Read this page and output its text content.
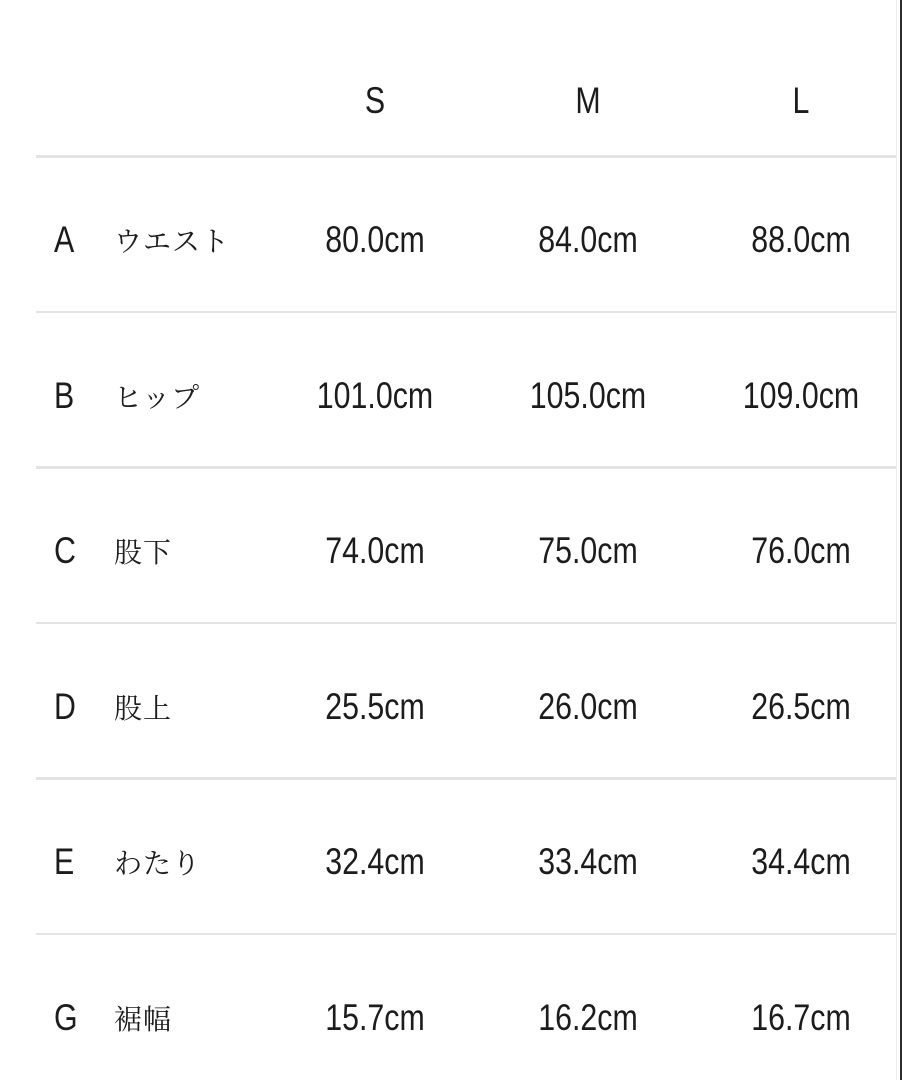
S	M	L
A ウエスト	80.0cm	84.0cm	88.0cm
B ヒップ	101.0cm	105.0cm	109.0cm
C 股下	74.0cm	75.0cm	76.0cm
D 股上	25.5cm	26.0cm	26.5cm
E わたり	32.4cm	33.4cm	34.4cm
G 裾幅	15.7cm	16.2cm	16.7cm
